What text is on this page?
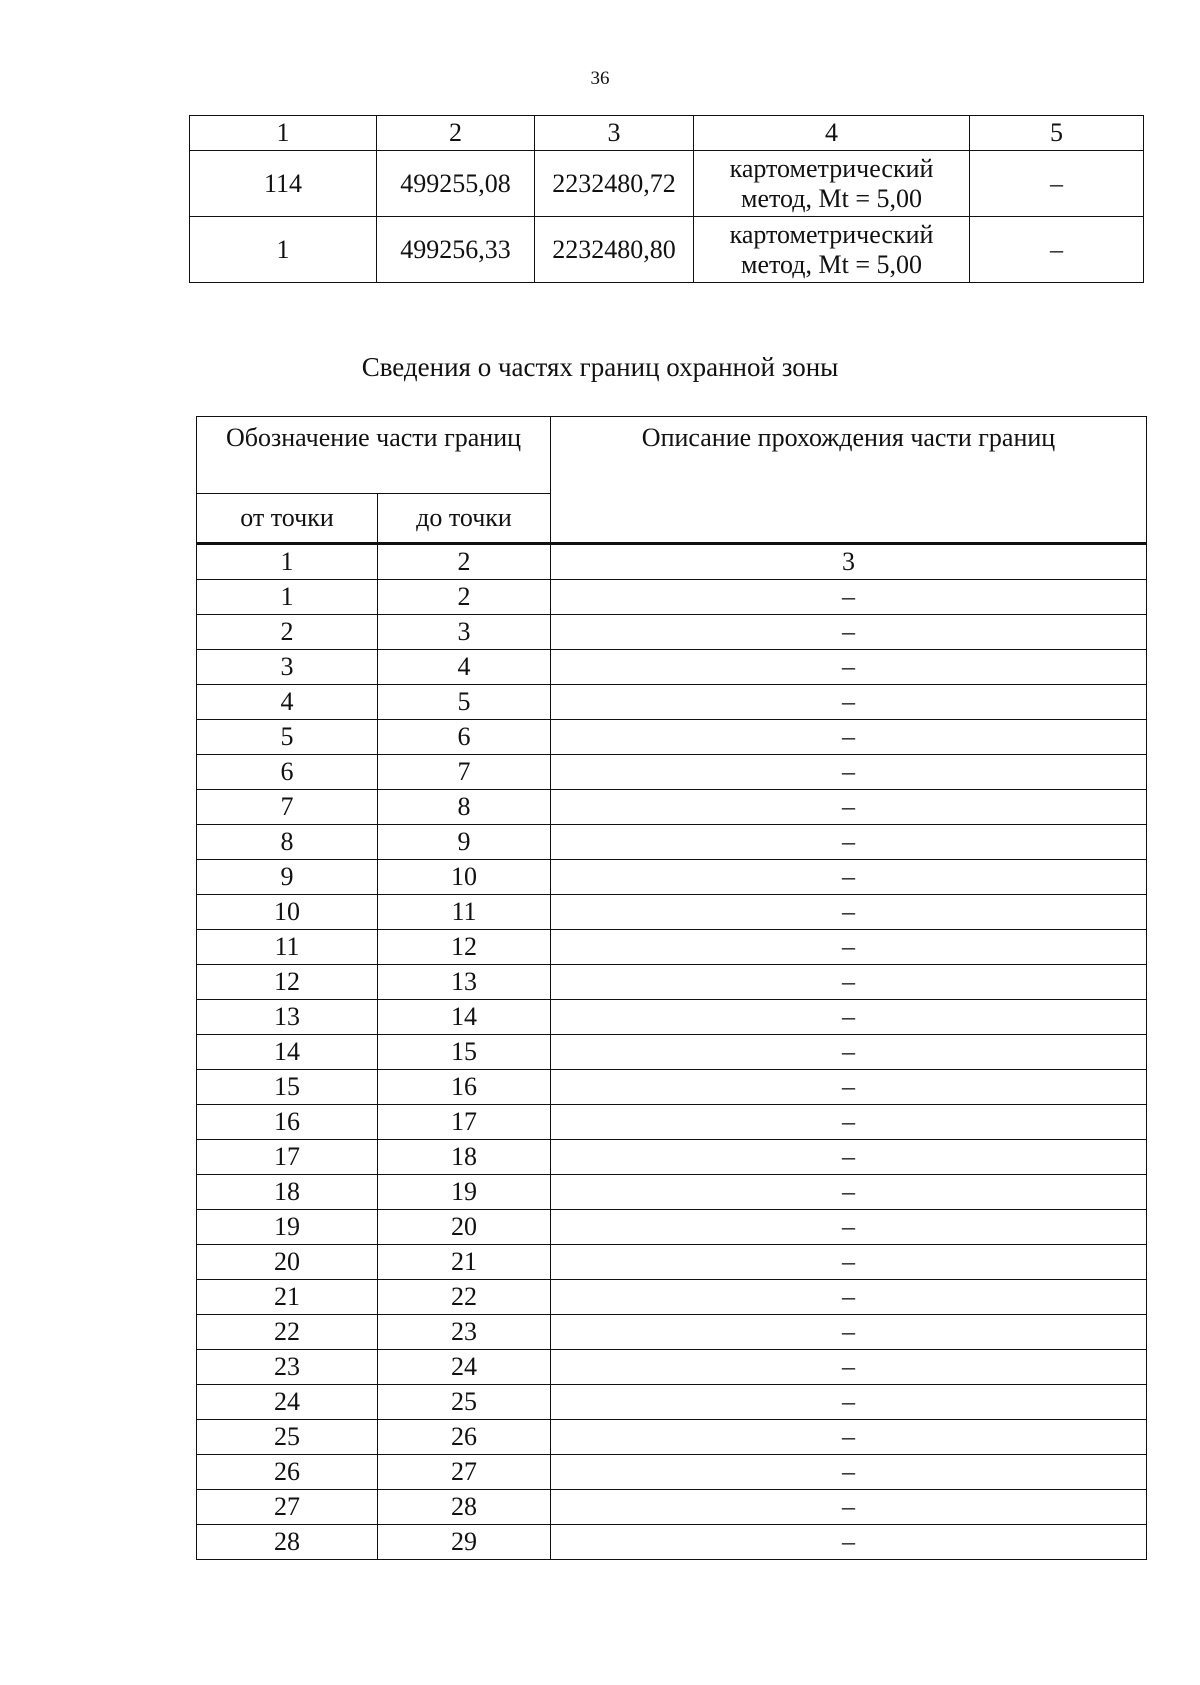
36
1	2	3	4	5
114	499255,08	2232480,72	картометрический метод, Mt = 5,00	–
1	499256,33	2232480,80	картометрический метод, Mt = 5,00	–
Сведения о частях границ охранной зоны
Обозначение части границ		Описание прохождения части границ
от точки	до точки	
1	2	3
1	2	–
2	3	–
3	4	–
4	5	–
5	6	–
6	7	–
7	8	–
8	9	–
9	10	–
10	11	–
11	12	–
12	13	–
13	14	–
14	15	–
15	16	–
16	17	–
17	18	–
18	19	–
19	20	–
20	21	–
21	22	–
22	23	–
23	24	–
24	25	–
25	26	–
26	27	–
27	28	–
28	29	–
